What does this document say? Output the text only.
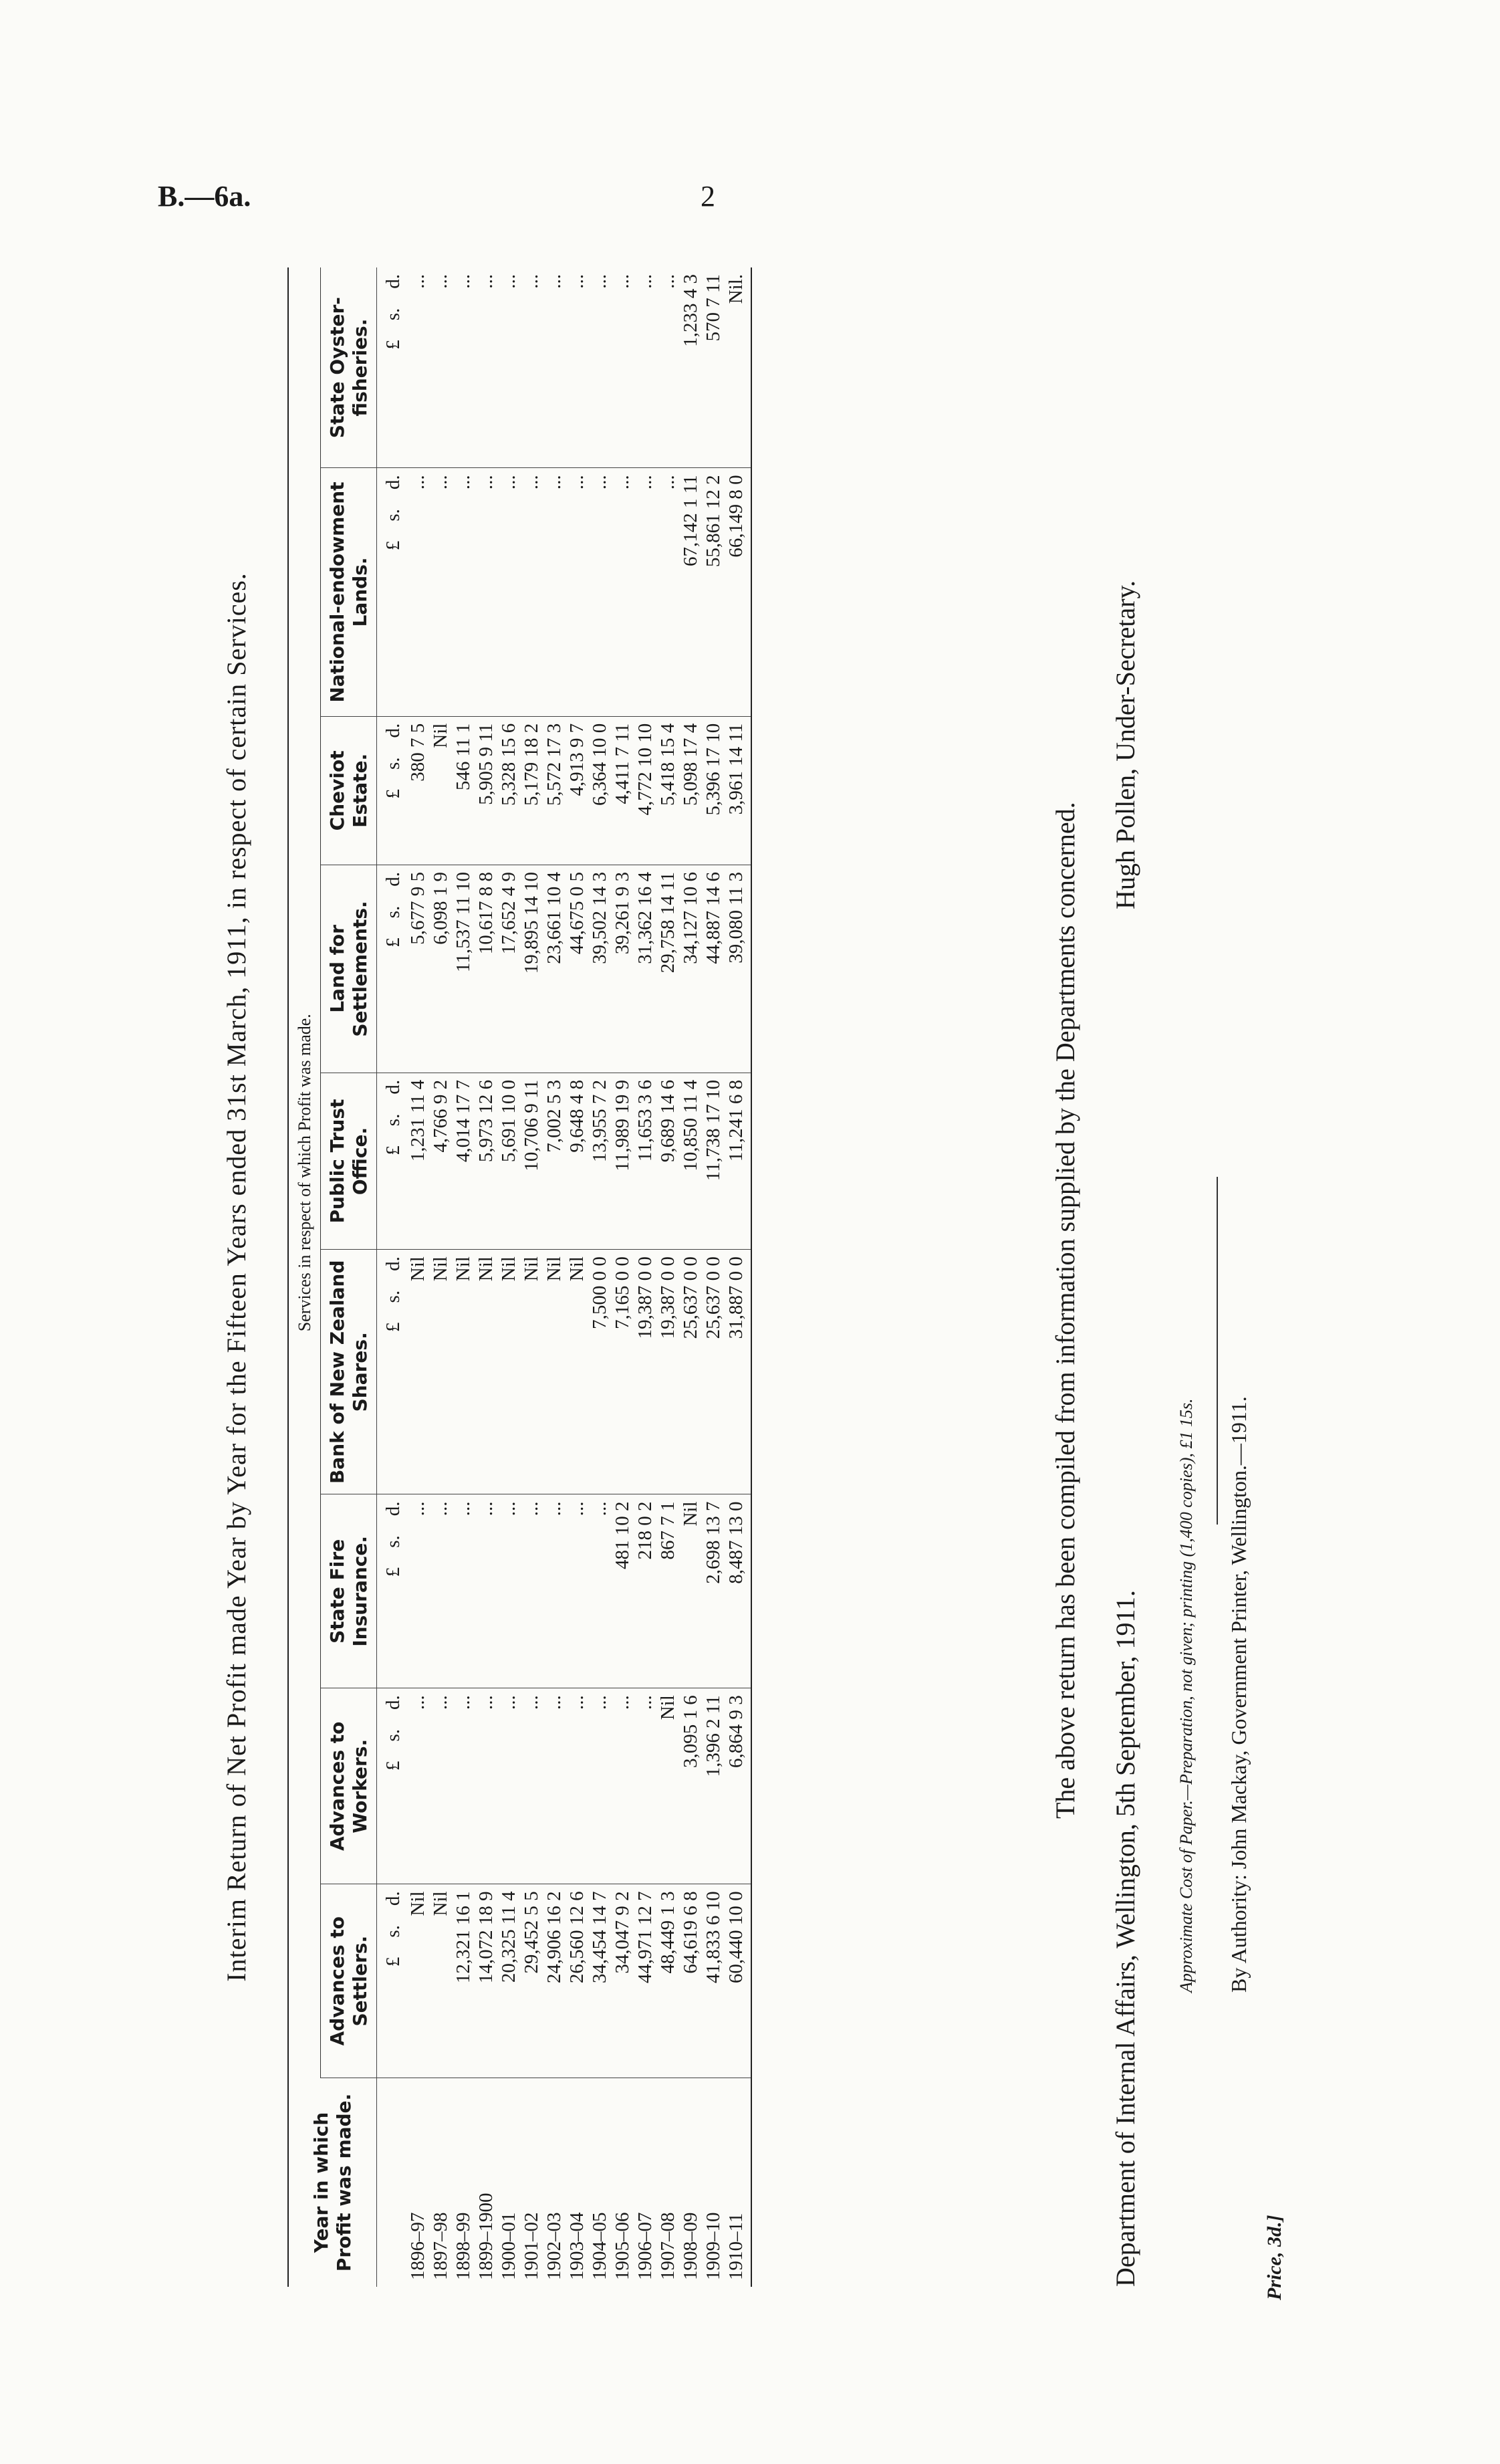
B.—6a.	2
Interim Return of Net Profit made Year by Year for the Fifteen Years ended 31st March, 1911, in respect of certain Services.
Year in which Profit was made.	Services in respect of which Profit was made.								
	Advances to Settlers.	Advances to Workers.	State Fire Insurance.	Bank of New Zealand Shares.	Public Trust Office.	Land for Settlements.	Cheviot Estate.	National-endowment Lands.	State Oyster-fisheries.
	£    s.    d.	£    s.    d.	£    s.    d.	£    s.    d.	£    s.    d.	£    s.    d.	£    s.    d.	£    s.    d.	£    s.    d.
1896–97	Nil	...	...	Nil	1,231 11 4	5,677 9 5	380 7 5	...	...
1897–98	Nil	...	...	Nil	4,766 9 2	6,098 1 9	Nil	...	...
1898–99	12,321 16 1	...	...	Nil	4,014 17 7	11,537 11 10	546 11 1	...	...
1899–1900	14,072 18 9	...	...	Nil	5,973 12 6	10,617 8 8	5,905 9 11	...	...
1900–01	20,325 11 4	...	...	Nil	5,691 10 0	17,652 4 9	5,328 15 6	...	...
1901–02	29,452 5 5	...	...	Nil	10,706 9 11	19,895 14 10	5,179 18 2	...	...
1902–03	24,906 16 2	...	...	Nil	7,002 5 3	23,661 10 4	5,572 17 3	...	...
1903–04	26,560 12 6	...	...	Nil	9,648 4 8	44,675 0 5	4,913 9 7	...	...
1904–05	34,454 14 7	...	...	7,500 0 0	13,955 7 2	39,502 14 3	6,364 10 0	...	...
1905–06	34,047 9 2	...	481 10 2	7,165 0 0	11,989 19 9	39,261 9 3	4,411 7 11	...	...
1906–07	44,971 12 7	...	218 0 2	19,387 0 0	11,653 3 6	31,362 16 4	4,772 10 10	...	...
1907–08	48,449 1 3	Nil	867 7 1	19,387 0 0	9,689 14 6	29,758 14 11	5,418 15 4	...	...
1908–09	64,619 6 8	3,095 1 6	Nil	25,637 0 0	10,850 11 4	34,127 10 6	5,098 17 4	67,142 1 11	1,233 4 3
1909–10	41,833 6 10	1,396 2 11	2,698 13 7	25,637 0 0	11,738 17 10	44,887 14 6	5,396 17 10	55,861 12 2	570 7 11
1910–11	60,440 10 0	6,864 9 3	8,487 13 0	31,887 0 0	11,241 6 8	39,080 11 3	3,961 14 11	66,149 8 0	Nil.
The above return has been compiled from information supplied by the Departments concerned.
Department of Internal Affairs, Wellington, 5th September, 1911.
Hugh Pollen, Under-Secretary.
Approximate Cost of Paper.—Preparation, not given; printing (1,400 copies), £1 15s. By Authority: John Mackay, Government Printer, Wellington.—1911.
Price, 3d.]
